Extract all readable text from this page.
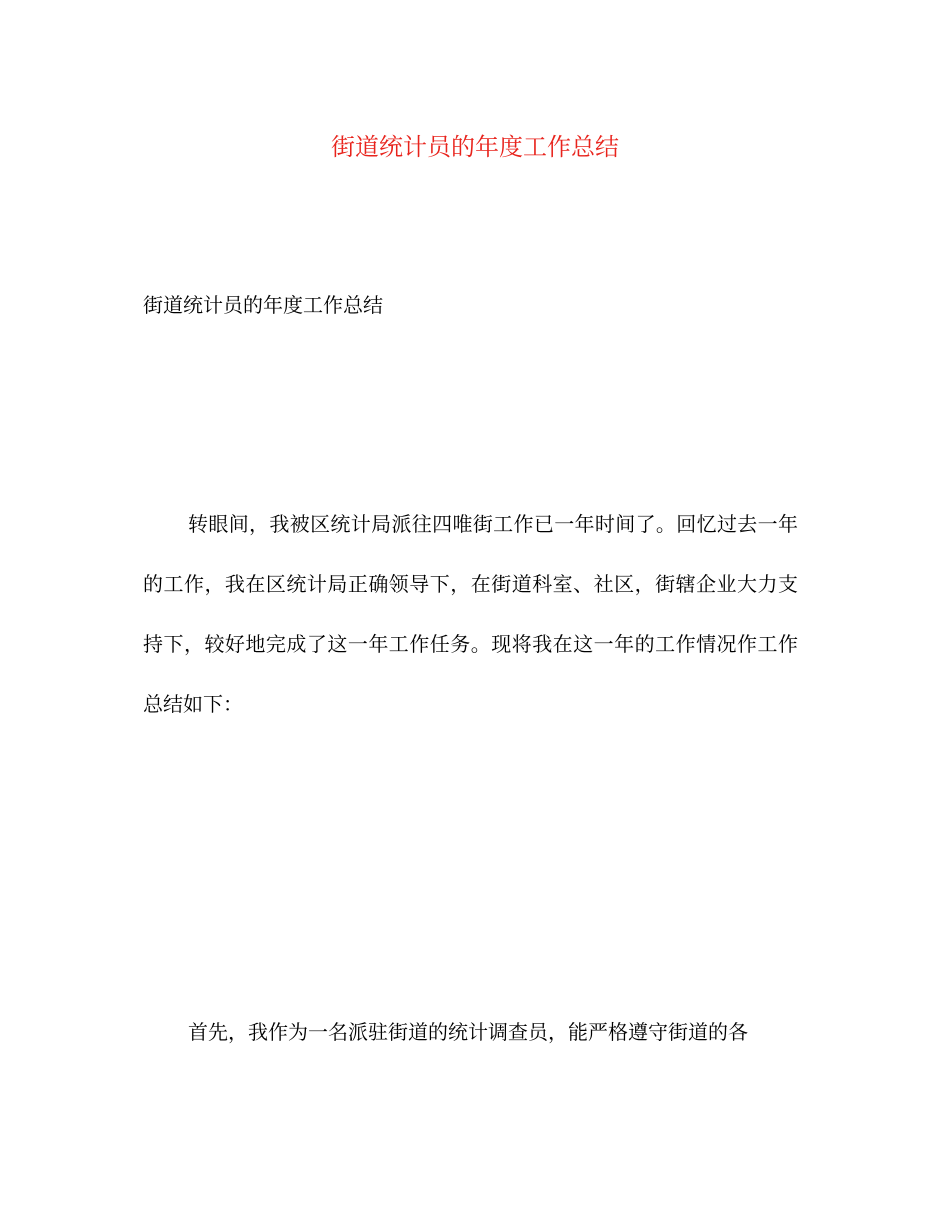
街道统计员的年度工作总结
街道统计员的年度工作总结
转眼间，我被区统计局派往四唯街工作已一年时间了。回忆过去一年的工作，我在区统计局正确领导下，在街道科室、社区，街辖企业大力支持下，较好地完成了这一年工作任务。现将我在这一年的工作情况作工作总结如下：
首先，我作为一名派驻街道的统计调查员，能严格遵守街道的各
